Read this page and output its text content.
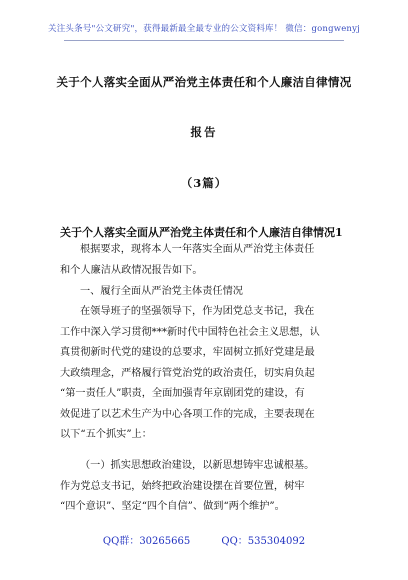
关注头条号"公文研究"，获得最新最全最专业的公文资料库！ 微信：gongwenyj
关于个人落实全面从严治党主体责任和个人廉洁自律情况
报告
（3篇）
关于个人落实全面从严治党主体责任和个人廉洁自律情况1
根据要求，现将本人一年落实全面从严治党主体责任
和个人廉洁从政情况报告如下。
一、履行全面从严治党主体责任情况
在领导班子的坚强领导下，作为团党总支书记，我在
工作中深入学习贯彻***新时代中国特色社会主义思想，认
真贯彻新时代党的建设的总要求，牢固树立抓好党建是最
大政绩理念，严格履行管党治党的政治责任，切实肩负起
“第一责任人”职责，全面加强青年京剧团党的建设，有
效促进了以艺术生产为中心各项工作的完成，主要表现在
以下“五个抓实”上：
（一）抓实思想政治建设，以新思想铸牢忠诚根基。
作为党总支书记，始终把政治建设摆在首要位置，树牢
“四个意识”、坚定“四个自信”、做到“两个维护”。
QQ群：30265665	QQ：535304092
